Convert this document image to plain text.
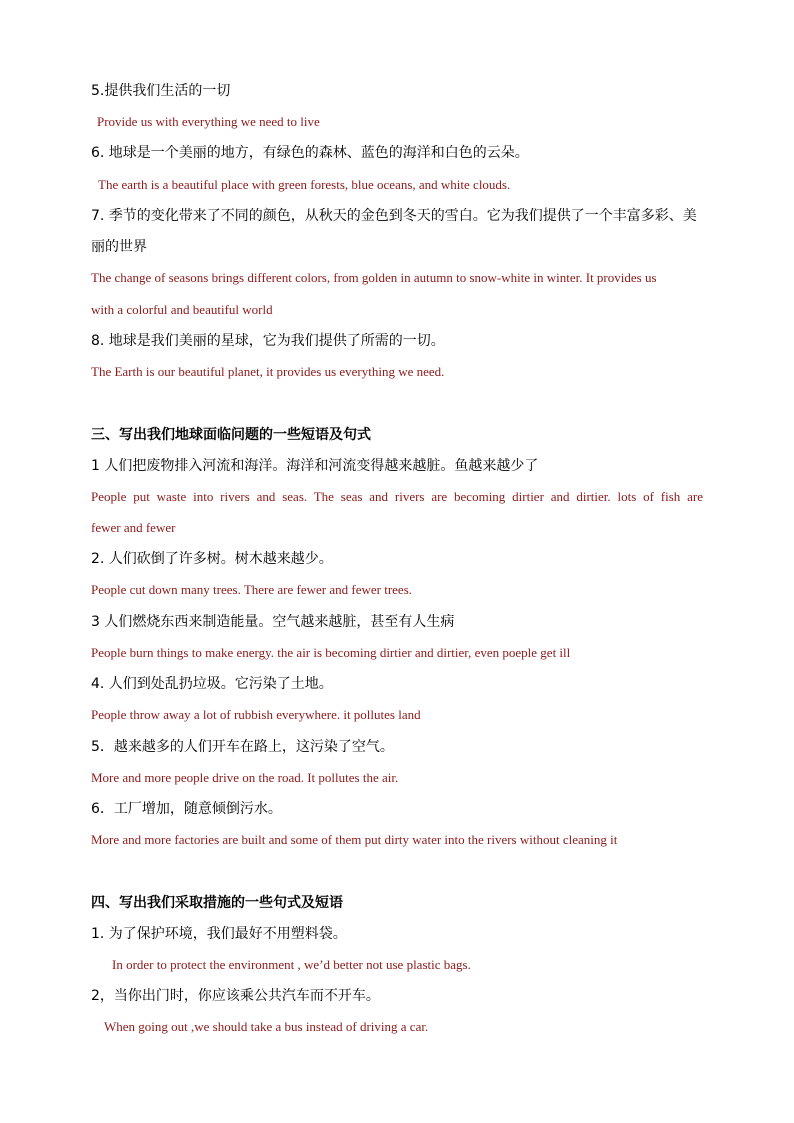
5.提供我们生活的一切
Provide us with everything we need to live
6. 地球是一个美丽的地方，有绿色的森林、蓝色的海洋和白色的云朵。
The earth is a beautiful place with green forests, blue oceans, and white clouds.
7. 季节的变化带来了不同的颜色，从秋天的金色到冬天的雪白。它为我们提供了一个丰富多彩、美
丽的世界
The change of seasons brings different colors, from golden in autumn to snow-white in winter. It provides us
with a colorful and beautiful world
8. 地球是我们美丽的星球，它为我们提供了所需的一切。
The Earth is our beautiful planet, it provides us everything we need.
三、写出我们地球面临问题的一些短语及句式
1 人们把废物排入河流和海洋。海洋和河流变得越来越脏。鱼越来越少了
People put waste into rivers and seas. The seas and rivers are becoming dirtier and dirtier. lots of fish are
fewer and fewer
2. 人们砍倒了许多树。树木越来越少。
People cut down many trees. There are fewer and fewer trees.
3 人们燃烧东西来制造能量。空气越来越脏，甚至有人生病
People burn things to make energy. the air is becoming dirtier and dirtier, even poeple get ill
4. 人们到处乱扔垃圾。它污染了土地。
People throw away a lot of rubbish everywhere. it pollutes land
5．越来越多的人们开车在路上，这污染了空气。
More and more people drive on the road. It pollutes the air.
6．工厂增加，随意倾倒污水。
More and more factories are built and some of them put dirty water into the rivers without cleaning it
四、写出我们采取措施的一些句式及短语
1. 为了保护环境，我们最好不用塑料袋。
In order to protect the environment , we’d better not use plastic bags.
2，当你出门时，你应该乘公共汽车而不开车。
When going out ,we should take a bus instead of driving a car.
